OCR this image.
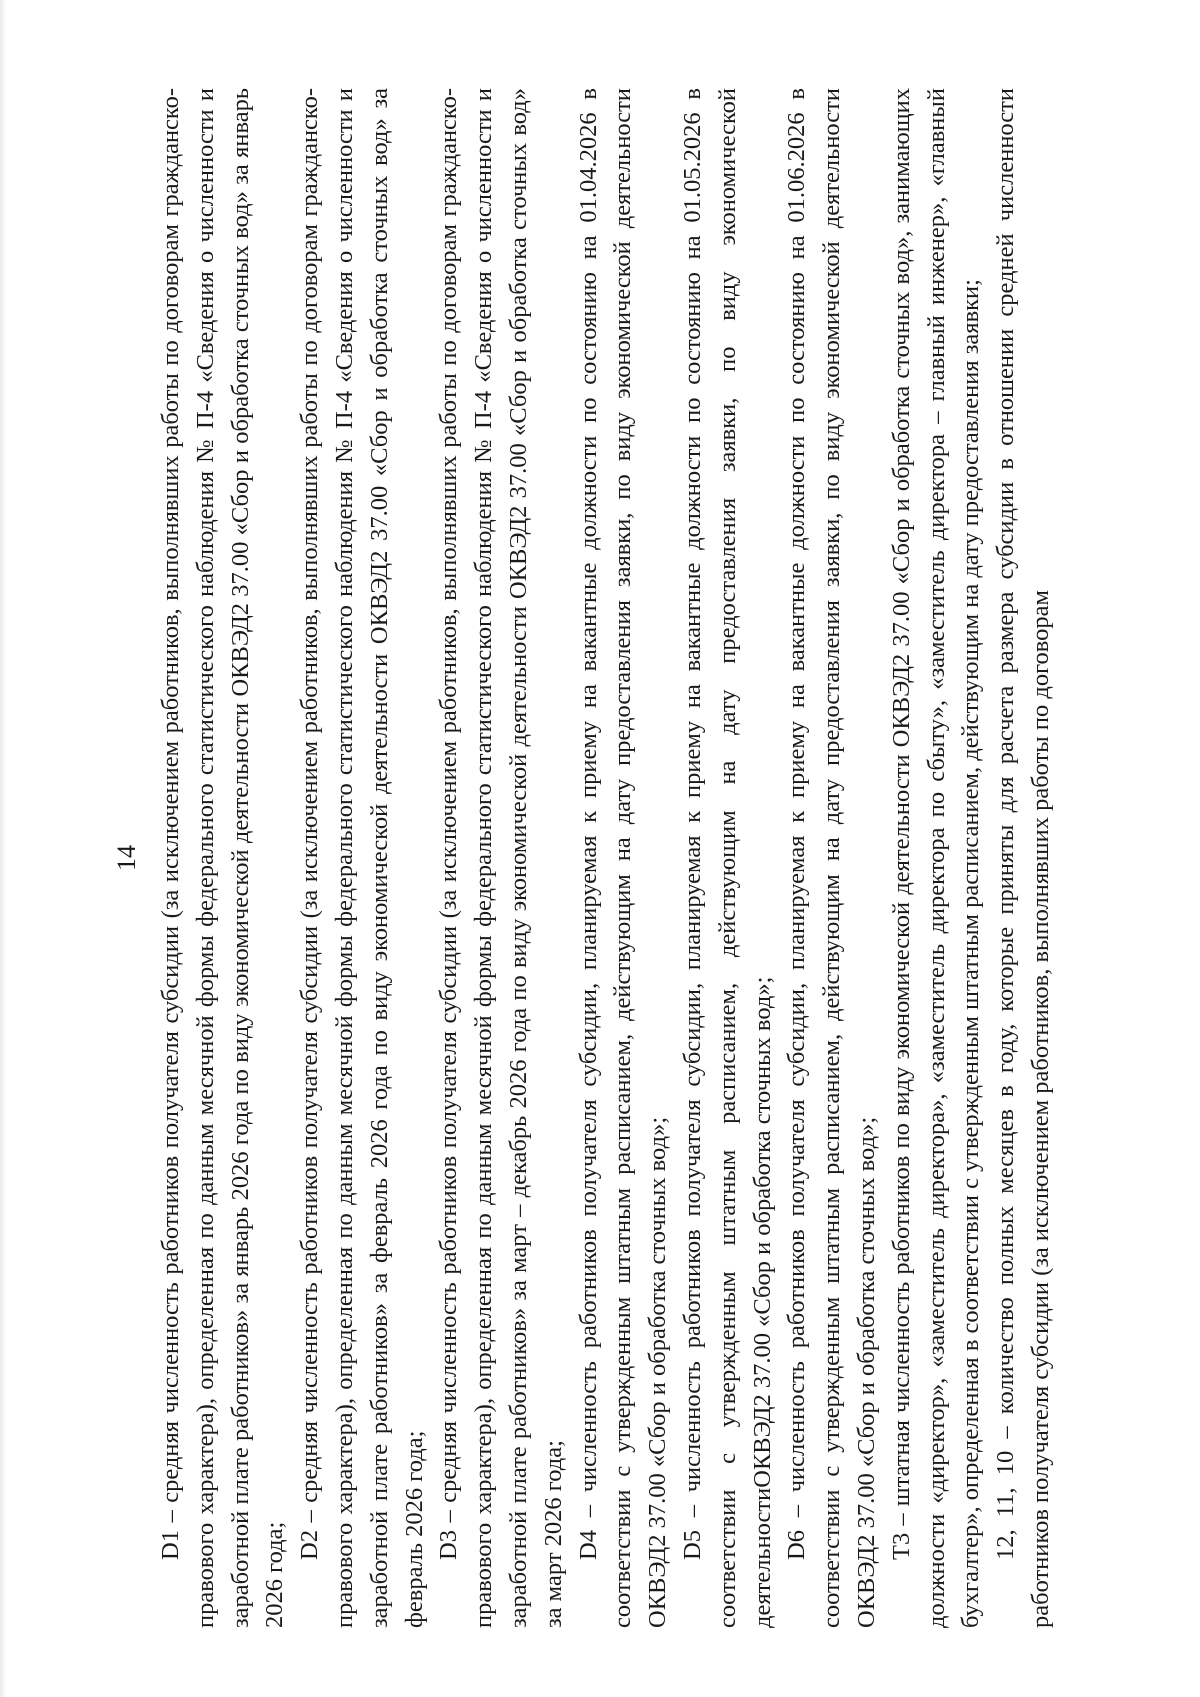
14 D1 – средняя численность работников получателя субсидии (за исключением работников, выполнявших работы по договорам гражданско-правового характера), определенная по данным месячной формы федерального статистического наблюдения № П-4 «Сведения о численности и заработной плате работников» за январь 2026 года по виду экономической деятельности ОКВЭД2 37.00 «Сбор и обработка сточных вод» за январь 2026 года;

D2 – средняя численность работников получателя субсидии (за исключением работников, выполнявших работы по договорам гражданско-правового характера), определенная по данным месячной формы федерального статистического наблюдения № П-4 «Сведения о численности и заработной плате работников» за февраль 2026 года по виду экономической деятельности ОКВЭД2 37.00 «Сбор и обработка сточных вод» за февраль 2026 года; D3 – средняя численность работников получателя субсидии (за исключением работников, выполнявших работы по договорам гражданско-правового характера), определенная по данным месячной формы федерального статистического наблюдения № П-4 «Сведения о численности и заработной плате работников» за март – декабрь 2026 года по виду экономической деятельности ОКВЭД2 37.00 «Сбор и обработка сточных вод» за март 2026 года; D4 – численность работников получателя субсидии, планируемая к приему на вакантные должности по состоянию на 01.04.2026 в соответствии с утвержденным штатным расписанием, действующим на дату предоставления заявки, по виду экономической деятельности ОКВЭД2 37.00 «Сбор и обработка сточных вод»; D5 – численность работников получателя субсидии, планируемая к приему на вакантные должности по состоянию на 01.05.2026 в соответствии с утвержденным штатным расписанием, действующим на дату предоставления заявки, по виду экономической деятельностиОКВЭД2 37.00 «Сбор и обработка сточных вод»; D6 – численность работников получателя субсидии, планируемая к приему на вакантные должности по состоянию на 01.06.2026 в соответствии с утвержденным штатным расписанием, действующим на дату предоставления заявки, по виду экономической деятельности ОКВЭД2 37.00 «Сбор и обработка сточных вод»; Т3 – штатная численность работников по виду экономической деятельности ОКВЭД2 37.00 «Сбор и обработка сточных вод», занимающих должности «директор», «заместитель директора», «заместитель директора по сбыту», «заместитель директора – главный инженер», «главный бухгалтер», определенная в соответствии с утвержденным штатным расписанием, действующим на дату предоставления заявки; 12, 11, 10 – количество полных месяцев в году, которые приняты для расчета размера субсидии в отношении средней численности работников получателя субсидии (за исключением работников, выполнявших работы по договорам
